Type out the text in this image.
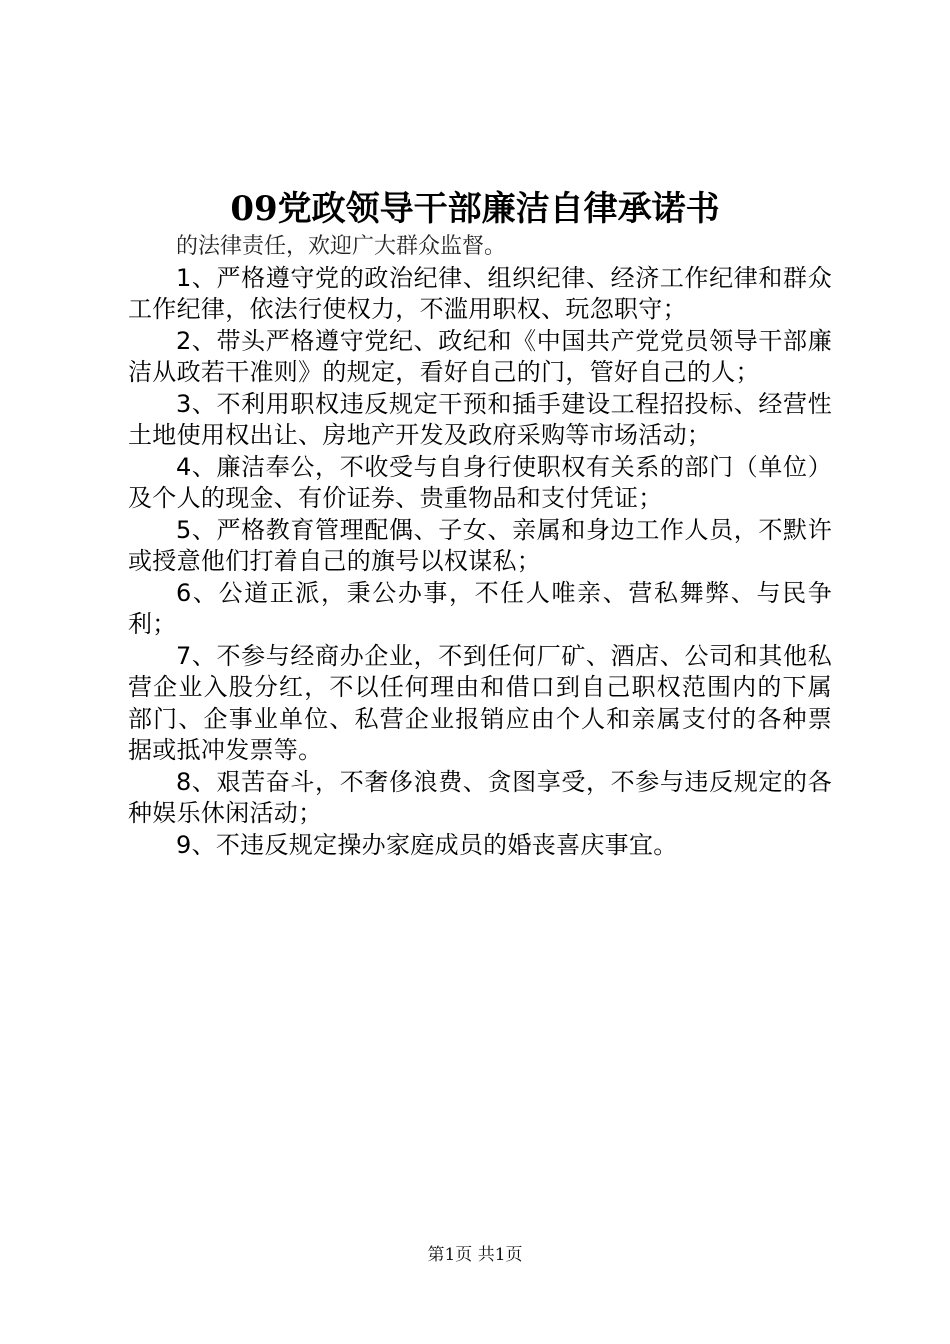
09党政领导干部廉洁自律承诺书

的法律责任，欢迎广大群众监督。

1、严格遵守党的政治纪律、组织纪律、经济工作纪律和群众工作纪律，依法行使权力，不滥用职权、玩忽职守；

2、带头严格遵守党纪、政纪和《中国共产党党员领导干部廉洁从政若干准则》的规定，看好自己的门，管好自己的人；

3、不利用职权违反规定干预和插手建设工程招投标、经营性土地使用权出让、房地产开发及政府采购等市场活动；

4、廉洁奉公，不收受与自身行使职权有关系的部门（单位）及个人的现金、有价证券、贵重物品和支付凭证；

5、严格教育管理配偶、子女、亲属和身边工作人员，不默许或授意他们打着自己的旗号以权谋私；

6、公道正派，秉公办事，不任人唯亲、营私舞弊、与民争利；

7、不参与经商办企业，不到任何厂矿、酒店、公司和其他私营企业入股分红，不以任何理由和借口到自己职权范围内的下属部门、企事业单位、私营企业报销应由个人和亲属支付的各种票据或抵冲发票等。

8、艰苦奋斗，不奢侈浪费、贪图享受，不参与违反规定的各种娱乐休闲活动；

9、不违反规定操办家庭成员的婚丧喜庆事宜。

第1页 共1页
